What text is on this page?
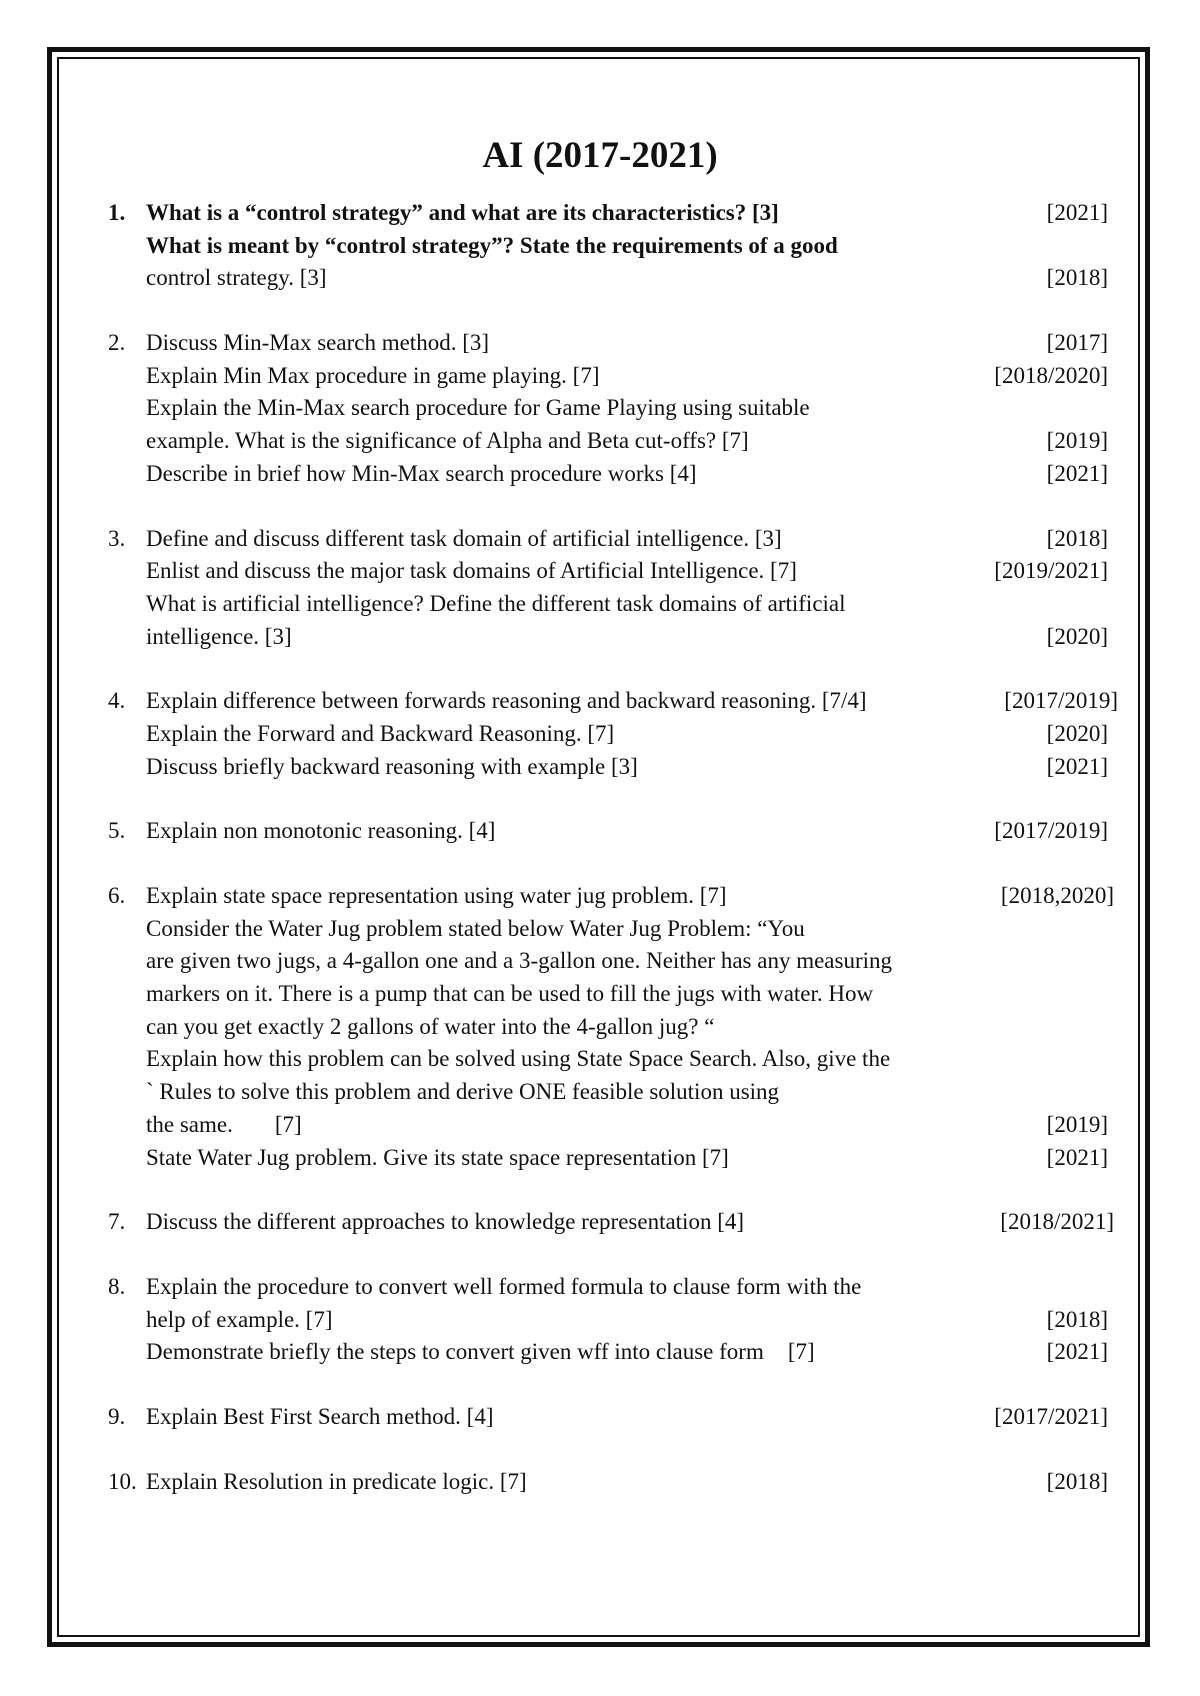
AI (2017-2021)
1. What is a “control strategy” and what are its characteristics? [3]	[2021]
What is meant by “control strategy”? State the requirements of a good
control strategy. [3]	[2018]
2. Discuss Min-Max search method. [3]	[2017]
Explain Min Max procedure in game playing. [7]	[2018/2020]
Explain the Min-Max search procedure for Game Playing using suitable
example. What is the significance of Alpha and Beta cut-offs? [7]	[2019]
Describe in brief how Min-Max search procedure works [4]	[2021]
3. Define and discuss different task domain of artificial intelligence. [3]	[2018]
Enlist and discuss the major task domains of Artificial Intelligence. [7]	[2019/2021]
What is artificial intelligence? Define the different task domains of artificial
intelligence. [3]	[2020]
4. Explain difference between forwards reasoning and backward reasoning. [7/4]	[2017/2019]
Explain the Forward and Backward Reasoning. [7]	[2020]
Discuss briefly backward reasoning with example [3]	[2021]
5. Explain non monotonic reasoning. [4]	[2017/2019]
6. Explain state space representation using water jug problem. [7]	[2018,2020]
Consider the Water Jug problem stated below Water Jug Problem: “You
are given two jugs, a 4-gallon one and a 3-gallon one. Neither has any measuring
markers on it. There is a pump that can be used to fill the jugs with water. How
can you get exactly 2 gallons of water into the 4-gallon jug? “
Explain how this problem can be solved using State Space Search. Also, give the
` Rules to solve this problem and derive ONE feasible solution using
the same. [7]	[2019]
State Water Jug problem. Give its state space representation [7]	[2021]
7. Discuss the different approaches to knowledge representation [4]	[2018/2021]
8. Explain the procedure to convert well formed formula to clause form with the
help of example. [7]	[2018]
Demonstrate briefly the steps to convert given wff into clause form [7]	[2021]
9. Explain Best First Search method. [4]	[2017/2021]
10. Explain Resolution in predicate logic. [7]	[2018]
